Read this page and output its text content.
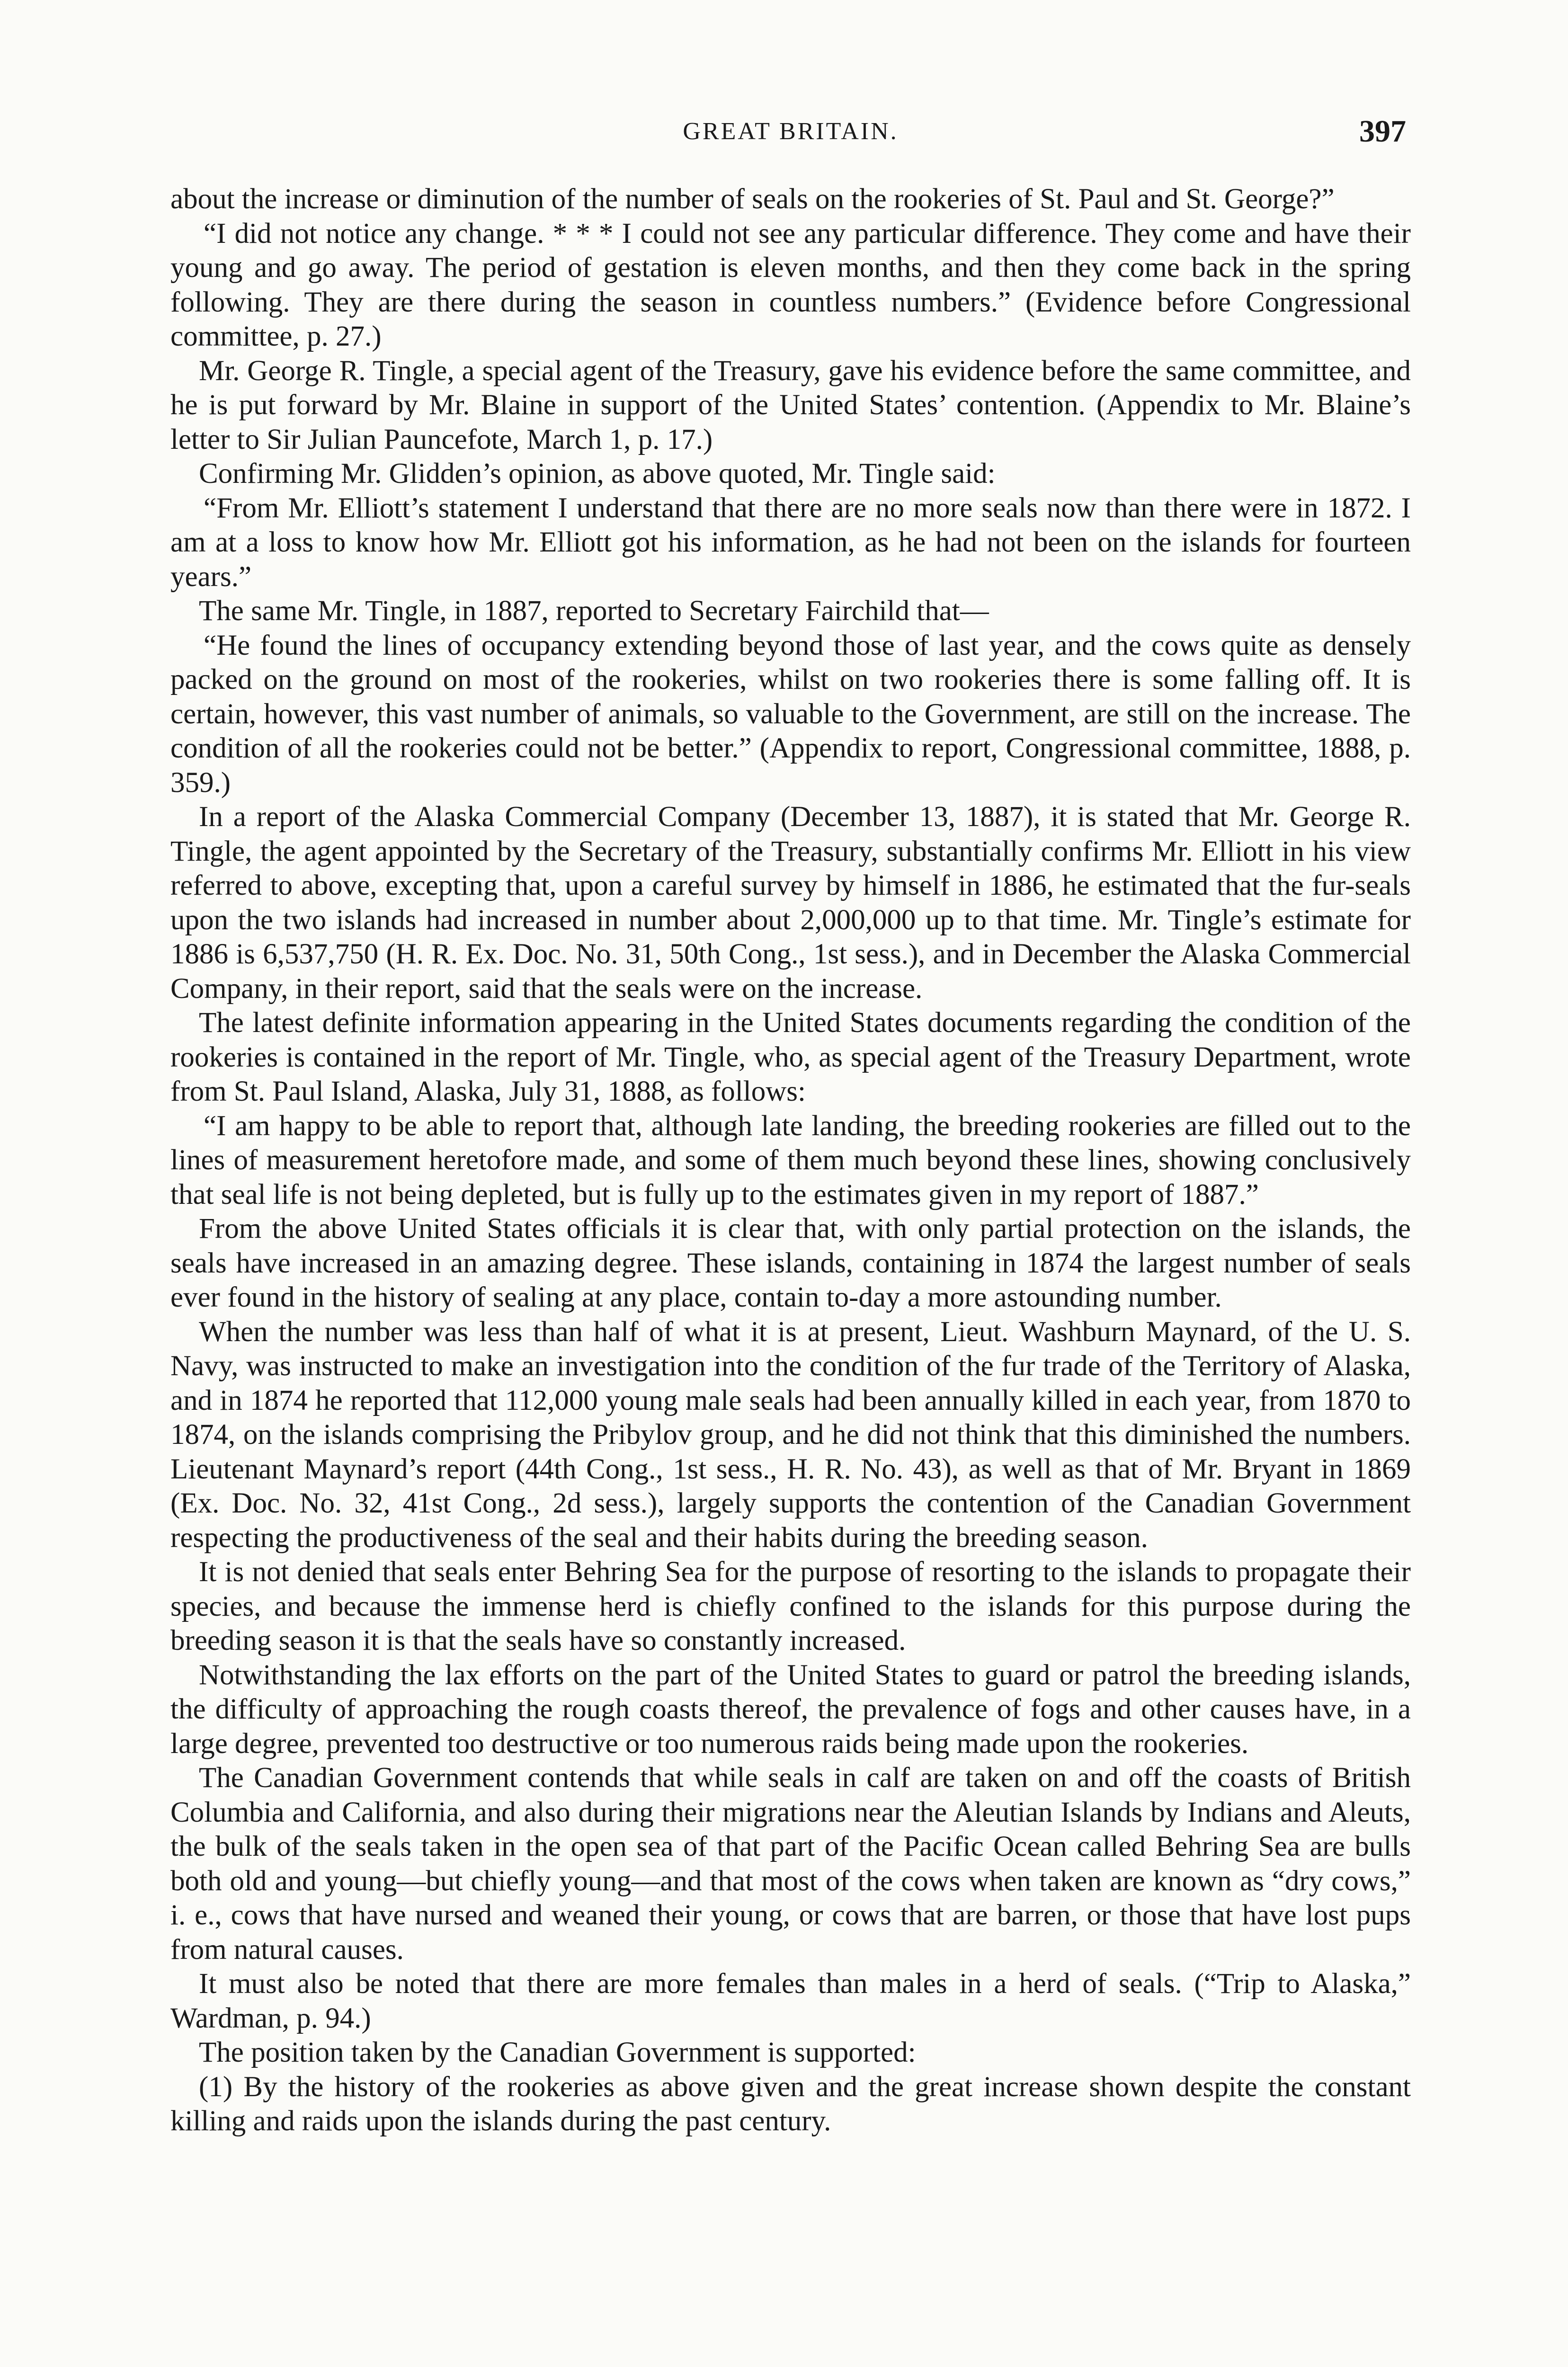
GREAT BRITAIN.	397

about the increase or diminution of the number of seals on the rookeries of St. Paul and St. George?”

“I did not notice any change. * * * I could not see any particular difference. They come and have their young and go away. The period of gestation is eleven months, and then they come back in the spring following. They are there during the season in countless numbers.” (Evidence before Congressional committee, p. 27.)

Mr. George R. Tingle, a special agent of the Treasury, gave his evidence before the same committee, and he is put forward by Mr. Blaine in support of the United States’ contention. (Appendix to Mr. Blaine’s letter to Sir Julian Pauncefote, March 1, p. 17.)

Confirming Mr. Glidden’s opinion, as above quoted, Mr. Tingle said:

“From Mr. Elliott’s statement I understand that there are no more seals now than there were in 1872. I am at a loss to know how Mr. Elliott got his information, as he had not been on the islands for fourteen years.”

The same Mr. Tingle, in 1887, reported to Secretary Fairchild that—

“He found the lines of occupancy extending beyond those of last year, and the cows quite as densely packed on the ground on most of the rookeries, whilst on two rookeries there is some falling off. It is certain, however, this vast number of animals, so valuable to the Government, are still on the increase. The condition of all the rookeries could not be better.” (Appendix to report, Congressional committee, 1888, p. 359.)

In a report of the Alaska Commercial Company (December 13, 1887), it is stated that Mr. George R. Tingle, the agent appointed by the Secretary of the Treasury, substantially confirms Mr. Elliott in his view referred to above, excepting that, upon a careful survey by himself in 1886, he estimated that the fur-seals upon the two islands had increased in number about 2,000,000 up to that time. Mr. Tingle’s estimate for 1886 is 6,537,750 (H. R. Ex. Doc. No. 31, 50th Cong., 1st sess.), and in December the Alaska Commercial Company, in their report, said that the seals were on the increase.

The latest definite information appearing in the United States documents regarding the condition of the rookeries is contained in the report of Mr. Tingle, who, as special agent of the Treasury Department, wrote from St. Paul Island, Alaska, July 31, 1888, as follows:

“I am happy to be able to report that, although late landing, the breeding rookeries are filled out to the lines of measurement heretofore made, and some of them much beyond these lines, showing conclusively that seal life is not being depleted, but is fully up to the estimates given in my report of 1887.”

From the above United States officials it is clear that, with only partial protection on the islands, the seals have increased in an amazing degree. These islands, containing in 1874 the largest number of seals ever found in the history of sealing at any place, contain to-day a more astounding number.

When the number was less than half of what it is at present, Lieut. Washburn Maynard, of the U. S. Navy, was instructed to make an investigation into the condition of the fur trade of the Territory of Alaska, and in 1874 he reported that 112,000 young male seals had been annually killed in each year, from 1870 to 1874, on the islands comprising the Pribylov group, and he did not think that this diminished the numbers. Lieutenant Maynard’s report (44th Cong., 1st sess., H. R. No. 43), as well as that of Mr. Bryant in 1869 (Ex. Doc. No. 32, 41st Cong., 2d sess.), largely supports the contention of the Canadian Government respecting the productiveness of the seal and their habits during the breeding season.

It is not denied that seals enter Behring Sea for the purpose of resorting to the islands to propagate their species, and because the immense herd is chiefly confined to the islands for this purpose during the breeding season it is that the seals have so constantly increased.

Notwithstanding the lax efforts on the part of the United States to guard or patrol the breeding islands, the difficulty of approaching the rough coasts thereof, the prevalence of fogs and other causes have, in a large degree, prevented too destructive or too numerous raids being made upon the rookeries.

The Canadian Government contends that while seals in calf are taken on and off the coasts of British Columbia and California, and also during their migrations near the Aleutian Islands by Indians and Aleuts, the bulk of the seals taken in the open sea of that part of the Pacific Ocean called Behring Sea are bulls both old and young—but chiefly young—and that most of the cows when taken are known as “dry cows,” i. e., cows that have nursed and weaned their young, or cows that are barren, or those that have lost pups from natural causes.

It must also be noted that there are more females than males in a herd of seals. (“Trip to Alaska,” Wardman, p. 94.)

The position taken by the Canadian Government is supported:

(1) By the history of the rookeries as above given and the great increase shown despite the constant killing and raids upon the islands during the past century.
